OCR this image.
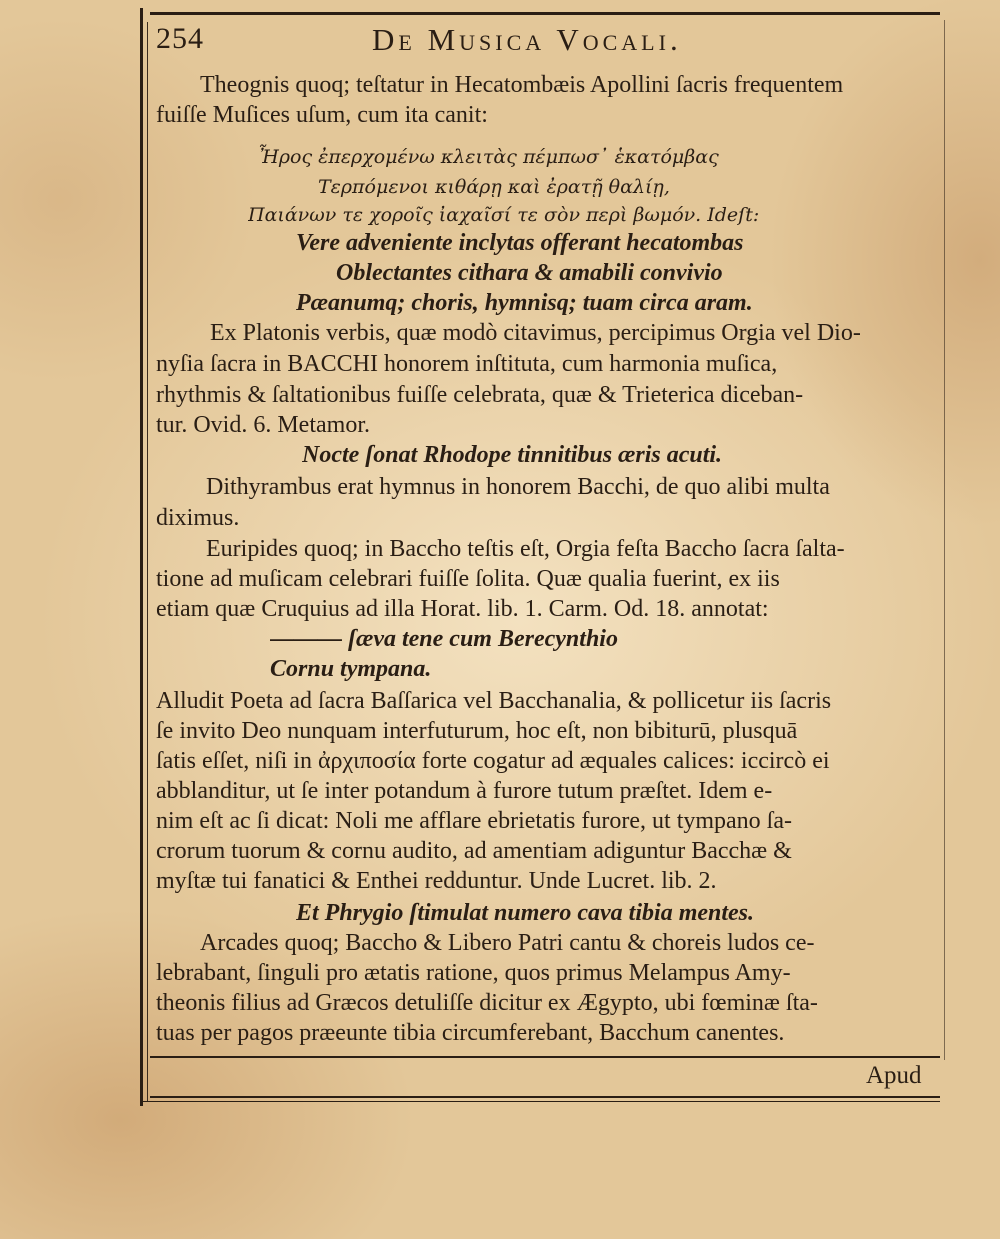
254	De Musica Vocali.
Theognis quoq; teſtatur in Hecatombæis Apollini ſacris frequentem
fuiſſe Muſices uſum, cum ita canit:
Ἦρος ἐπερχομένω κλειτὰς πέμπωσ᾽ ἑκατόμβας
Τερπόμενοι κιθάρῃ καὶ ἐρατῇ θαλίῃ,
Παιάνων τε χοροῖς ἰαχαῖσί τε σὸν περὶ βωμόν. Ideſt:
Vere adveniente inclytas offerant hecatombas
Oblectantes cithara & amabili convivio
Pæanumq; choris, hymnisq; tuam circa aram.
Ex Platonis verbis, quæ modò citavimus, percipimus Orgia vel Dio-
nyſia ſacra in BACCHI honorem inſtituta, cum harmonia muſica,
rhythmis & ſaltationibus fuiſſe celebrata, quæ & Trieterica diceban-
tur. Ovid. 6. Metamor.
Nocte ſonat Rhodope tinnitibus æris acuti.
Dithyrambus erat hymnus in honorem Bacchi, de quo alibi multa
diximus.
Euripides quoq; in Baccho teſtis eſt, Orgia feſta Baccho ſacra ſalta-
tione ad muſicam celebrari fuiſſe ſolita. Quæ qualia fuerint, ex iis
etiam quæ Cruquius ad illa Horat. lib. 1. Carm. Od. 18. annotat:
——— ſæva tene cum Berecynthio
Cornu tympana.
Alludit Poeta ad ſacra Baſſarica vel Bacchanalia, & pollicetur iis ſacris
ſe invito Deo nunquam interfuturum, hoc eſt, non bibiturū, plusquā
ſatis eſſet, niſi in ἀρχιποσία forte cogatur ad æquales calices: iccircò ei
abblanditur, ut ſe inter potandum à furore tutum præſtet. Idem e-
nim eſt ac ſi dicat: Noli me afflare ebrietatis furore, ut tympano ſa-
crorum tuorum & cornu audito, ad amentiam adiguntur Bacchæ &
myſtæ tui fanatici & Enthei redduntur. Unde Lucret. lib. 2.
Et Phrygio ſtimulat numero cava tibia mentes.
Arcades quoq; Baccho & Libero Patri cantu & choreis ludos ce-
lebrabant, ſinguli pro ætatis ratione, quos primus Melampus Amy-
theonis filius ad Græcos detuliſſe dicitur ex Ægypto, ubi fœminæ ſta-
tuas per pagos præeunte tibia circumferebant, Bacchum canentes.
Apud
